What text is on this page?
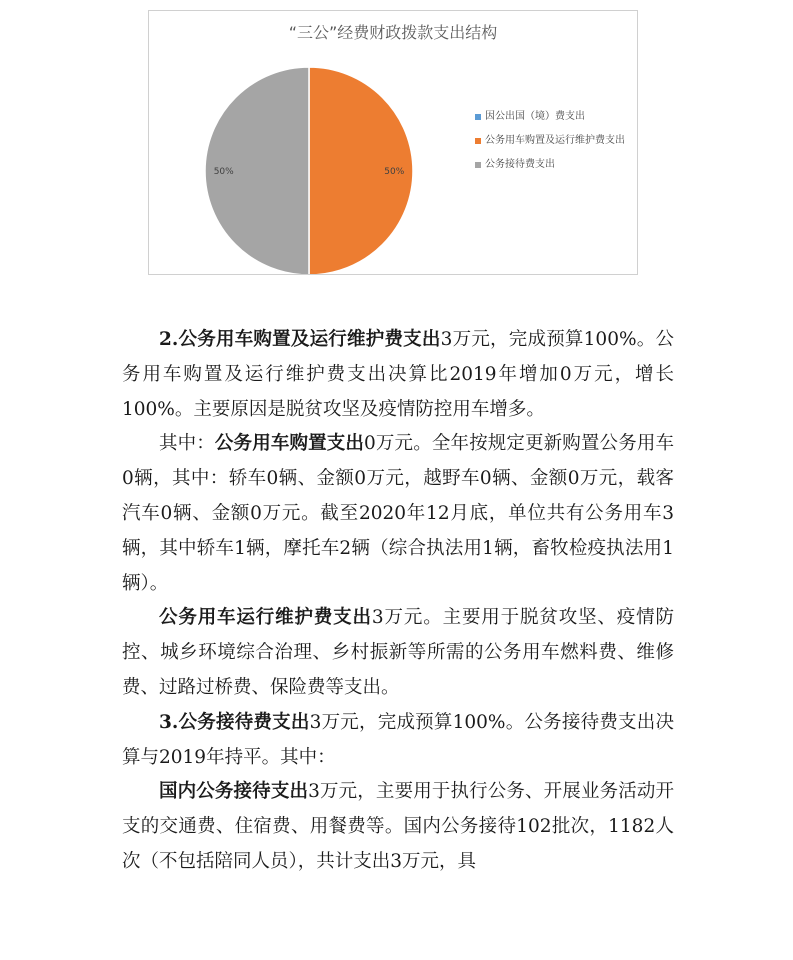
“三公”经费财政拨款支出结构
50%
50%
因公出国（境）费支出
公务用车购置及运行维护费支出
公务接待费支出

2.公务用车购置及运行维护费支出3万元，完成预算100%。公务用车购置及运行维护费支出决算比2019年增加0万元，增长100%。主要原因是脱贫攻坚及疫情防控用车增多。

其中：公务用车购置支出0万元。全年按规定更新购置公务用车0辆，其中：轿车0辆、金额0万元，越野车0辆、金额0万元，载客汽车0辆、金额0万元。截至2020年12月底，单位共有公务用车3辆，其中轿车1辆，摩托车2辆（综合执法用1辆，畜牧检疫执法用1辆）。

公务用车运行维护费支出3万元。主要用于脱贫攻坚、疫情防控、城乡环境综合治理、乡村振新等所需的公务用车燃料费、维修费、过路过桥费、保险费等支出。

3.公务接待费支出3万元，完成预算100%。公务接待费支出决算与2019年持平。其中：

国内公务接待支出3万元，主要用于执行公务、开展业务活动开支的交通费、住宿费、用餐费等。国内公务接待102批次，1182人次（不包括陪同人员），共计支出3万元，具
